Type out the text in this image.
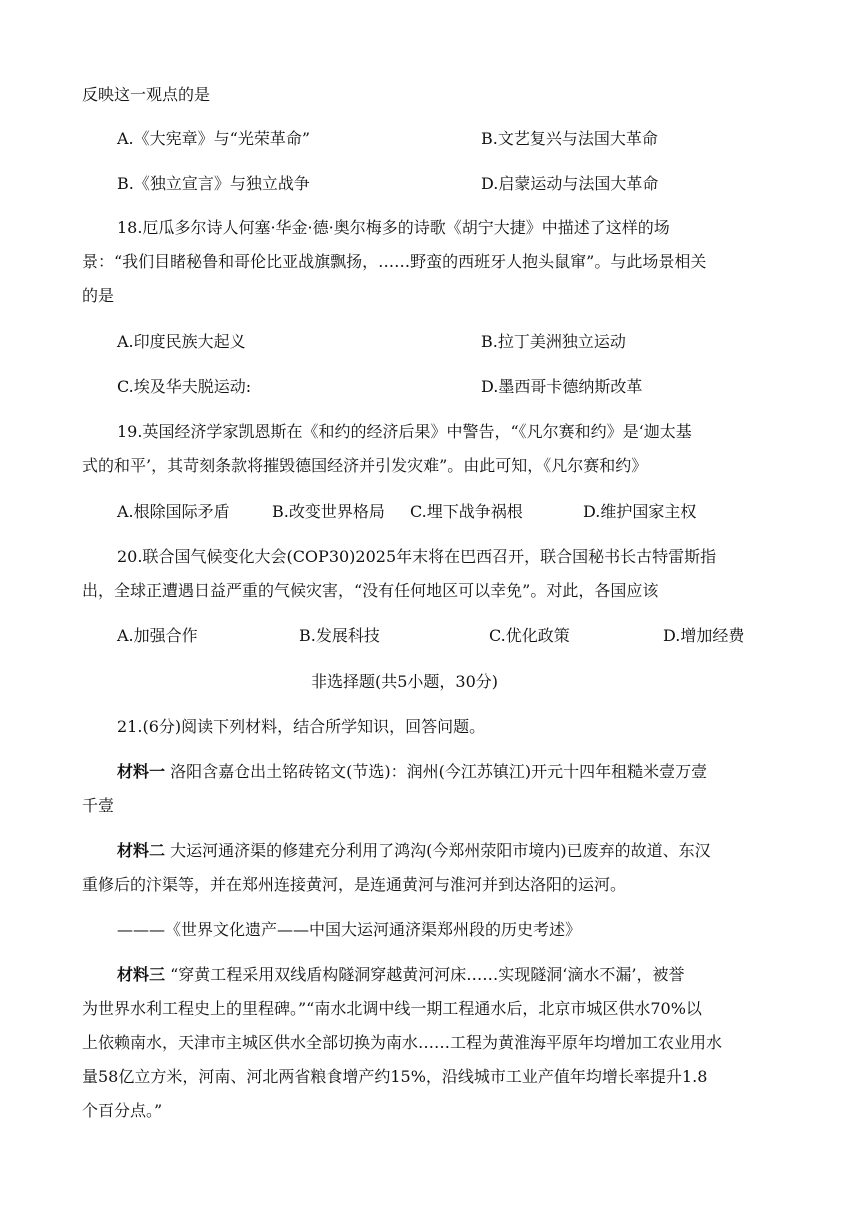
反映这一观点的是
A.《大宪章》与“光荣革命”	B.文艺复兴与法国大革命
B.《独立宣言》与独立战争	D.启蒙运动与法国大革命
18.厄瓜多尔诗人何塞·华金·德·奥尔梅多的诗歌《胡宁大捷》中描述了这样的场
景：“我们目睹秘鲁和哥伦比亚战旗飘扬，……野蛮的西班牙人抱头鼠窜”。与此场景相关
的是
A.印度民族大起义	B.拉丁美洲独立运动
C.埃及华夫脱运动:	D.墨西哥卡德纳斯改革
19.英国经济学家凯恩斯在《和约的经济后果》中警告，“《凡尔赛和约》是‘迦太基
式的和平’，其苛刻条款将摧毁德国经济并引发灾难”。由此可知，《凡尔赛和约》
A.根除国际矛盾	B.改变世界格局 C.埋下战争祸根	D.维护国家主权
20.联合国气候变化大会(COP30)2025年末将在巴西召开，联合国秘书长古特雷斯指
出，全球正遭遇日益严重的气候灾害，“没有任何地区可以幸免”。对此，各国应该
A.加强合作	B.发展科技	C.优化政策	D.增加经费
非选择题(共5小题，30分)
21.(6分)阅读下列材料，结合所学知识，回答问题。
材料一 洛阳含嘉仓出土铭砖铭文(节选)：润州(今江苏镇江)开元十四年租糙米壹万壹
千壹
材料二 大运河通济渠的修建充分利用了鸿沟(今郑州荥阳市境内)已废弃的故道、东汉
重修后的汴渠等，并在郑州连接黄河，是连通黄河与淮河并到达洛阳的运河。
———《世界文化遗产——中国大运河通济渠郑州段的历史考述》
材料三 “穿黄工程采用双线盾构隧洞穿越黄河河床……实现隧洞‘滴水不漏’，被誉
为世界水利工程史上的里程碑。”“南水北调中线一期工程通水后，北京市城区供水70%以
上依赖南水，天津市主城区供水全部切换为南水……工程为黄淮海平原年均增加工农业用水
量58亿立方米，河南、河北两省粮食增产约15%，沿线城市工业产值年均增长率提升1.8
个百分点。”
